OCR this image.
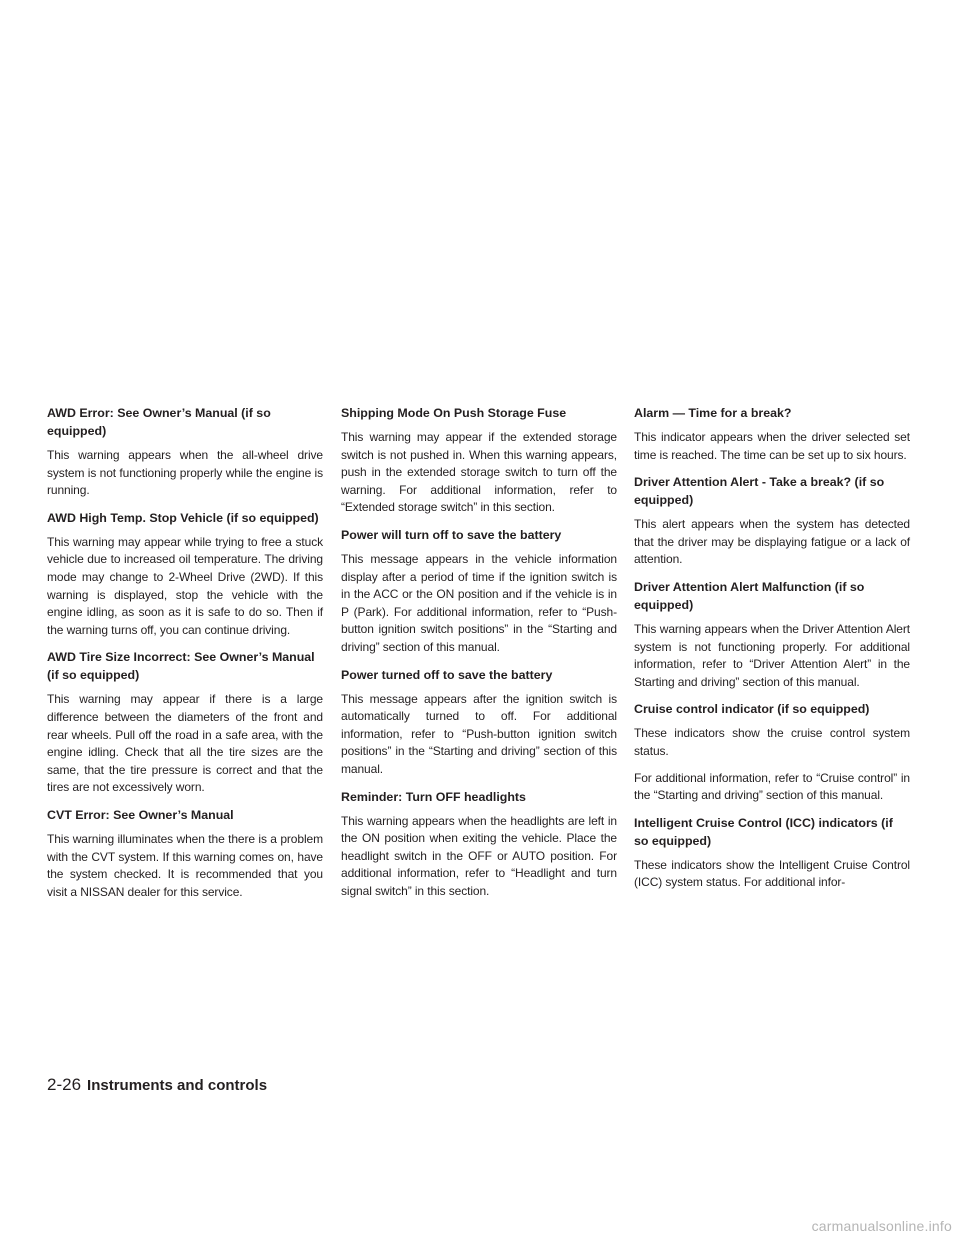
AWD Error: See Owner’s Manual (if so equipped)

This warning appears when the all-wheel drive system is not functioning properly while the engine is running.

AWD High Temp. Stop Vehicle (if so equipped)

This warning may appear while trying to free a stuck vehicle due to increased oil temperature. The driving mode may change to 2-Wheel Drive (2WD). If this warning is displayed, stop the vehicle with the engine idling, as soon as it is safe to do so. Then if the warning turns off, you can continue driving.

AWD Tire Size Incorrect: See Owner’s Manual (if so equipped)

This warning may appear if there is a large difference between the diameters of the front and rear wheels. Pull off the road in a safe area, with the engine idling. Check that all the tire sizes are the same, that the tire pressure is correct and that the tires are not excessively worn.

CVT Error: See Owner’s Manual

This warning illuminates when the there is a problem with the CVT system. If this warning comes on, have the system checked. It is recommended that you visit a NISSAN dealer for this service.

Shipping Mode On Push Storage Fuse

This warning may appear if the extended storage switch is not pushed in. When this warning appears, push in the extended storage switch to turn off the warning. For additional information, refer to “Extended storage switch” in this section.

Power will turn off to save the battery

This message appears in the vehicle information display after a period of time if the ignition switch is in the ACC or the ON position and if the vehicle is in P (Park). For additional information, refer to “Push-button ignition switch positions” in the “Starting and driving” section of this manual.

Power turned off to save the battery

This message appears after the ignition switch is automatically turned to off. For additional information, refer to “Push-button ignition switch positions” in the “Starting and driving” section of this manual.

Reminder: Turn OFF headlights

This warning appears when the headlights are left in the ON position when exiting the vehicle. Place the headlight switch in the OFF or AUTO position. For additional information, refer to “Headlight and turn signal switch” in this section.

Alarm — Time for a break?

This indicator appears when the driver selected set time is reached. The time can be set up to six hours.

Driver Attention Alert - Take a break? (if so equipped)

This alert appears when the system has detected that the driver may be displaying fatigue or a lack of attention.

Driver Attention Alert Malfunction (if so equipped)

This warning appears when the Driver Attention Alert system is not functioning properly. For additional information, refer to “Driver Attention Alert” in the Starting and driving” section of this manual.

Cruise control indicator (if so equipped)

These indicators show the cruise control system status.

For additional information, refer to “Cruise control” in the “Starting and driving” section of this manual.

Intelligent Cruise Control (ICC) indicators (if so equipped)

These indicators show the Intelligent Cruise Control (ICC) system status. For additional infor-

2-26 Instruments and controls
carmanualsonline.info
